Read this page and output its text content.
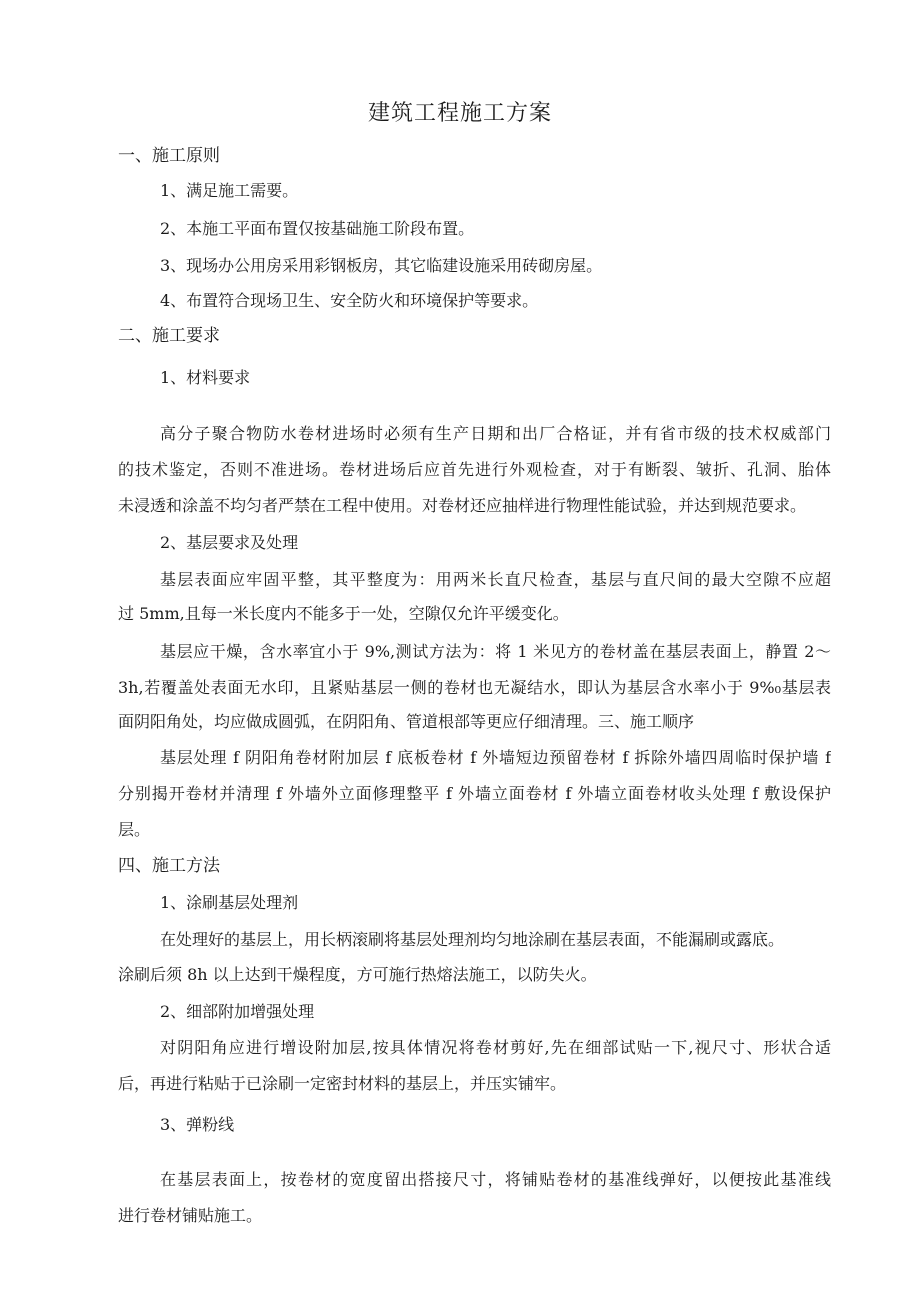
建筑工程施工方案
一、施工原则
1、满足施工需要。
2、本施工平面布置仅按基础施工阶段布置。
3、现场办公用房采用彩钢板房，其它临建设施采用砖砌房屋。
4、布置符合现场卫生、安全防火和环境保护等要求。
二、施工要求
1、材料要求
高分子聚合物防水卷材进场时必须有生产日期和出厂合格证，并有省市级的技术权威部门
的技术鉴定，否则不准进场。卷材进场后应首先进行外观检查，对于有断裂、皱折、孔洞、胎体
未浸透和涂盖不均匀者严禁在工程中使用。对卷材还应抽样进行物理性能试验，并达到规范要求。
2、基层要求及处理
基层表面应牢固平整，其平整度为：用两米长直尺检查，基层与直尺间的最大空隙不应超
过 5mm,且每一米长度内不能多于一处，空隙仅允许平缓变化。
基层应干燥，含水率宜小于 9%,测试方法为：将 1 米见方的卷材盖在基层表面上，静置 2～
3h,若覆盖处表面无水印，且紧贴基层一侧的卷材也无凝结水，即认为基层含水率小于 9%₀基层表
面阴阳角处，均应做成圆弧，在阴阳角、管道根部等更应仔细清理。三、施工顺序
基层处理 f 阴阳角卷材附加层 f 底板卷材 f 外墙短边预留卷材 f 拆除外墙四周临时保护墙 f
分别揭开卷材并清理 f 外墙外立面修理整平 f 外墙立面卷材 f 外墙立面卷材收头处理 f 敷设保护
层。
四、施工方法
1、涂刷基层处理剂
在处理好的基层上，用长柄滚刷将基层处理剂均匀地涂刷在基层表面，不能漏刷或露底。
涂刷后须 8h 以上达到干燥程度，方可施行热熔法施工，以防失火。
2、细部附加增强处理
对阴阳角应进行增设附加层,按具体情况将卷材剪好,先在细部试贴一下,视尺寸、形状合适
后，再进行粘贴于已涂刷一定密封材料的基层上，并压实铺牢。
3、弹粉线
在基层表面上，按卷材的宽度留出搭接尺寸，将铺贴卷材的基准线弹好，以便按此基准线
进行卷材铺贴施工。
